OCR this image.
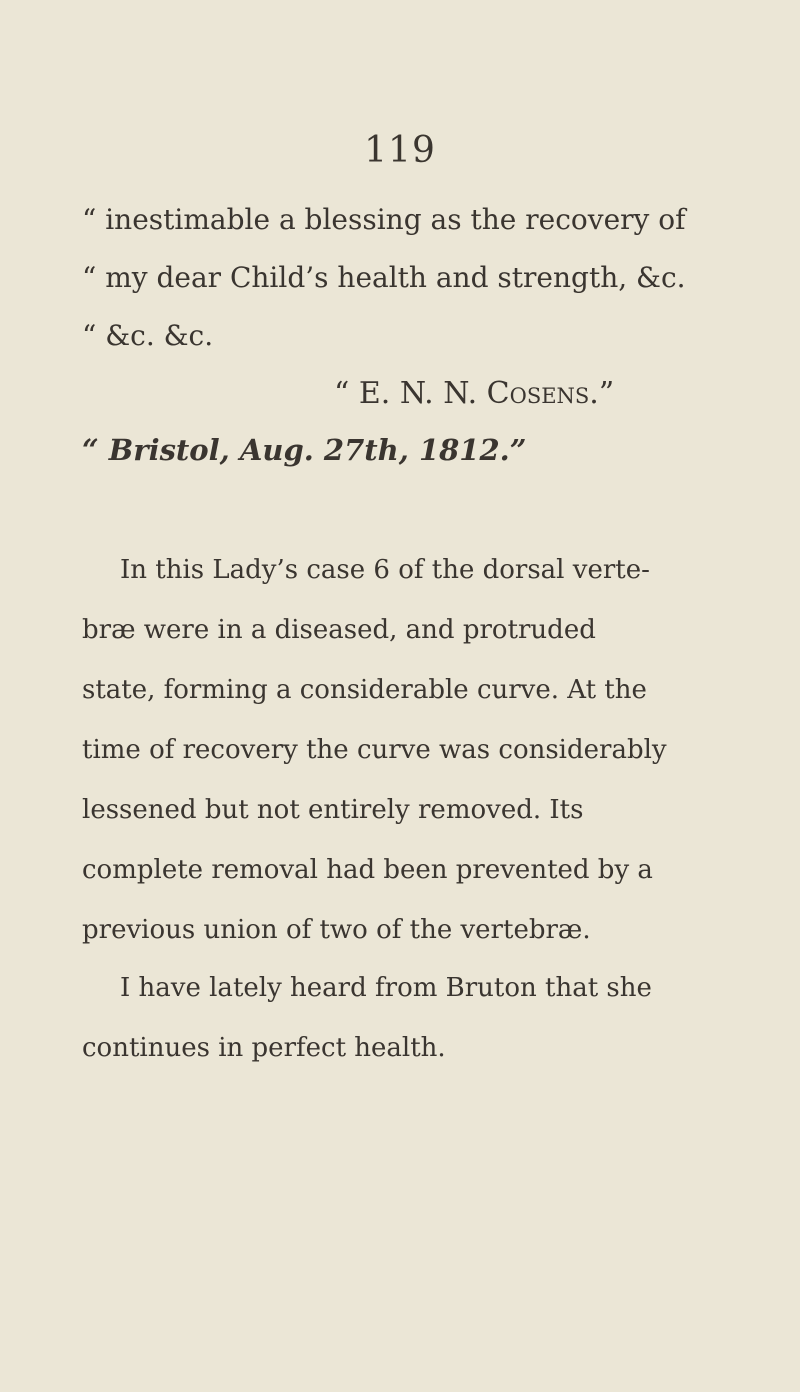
119
“ inestimable a blessing as the recovery of
“ my dear Child’s health and strength, &c.
“ &c. &c.
“ E. N. N. Cosens.”
“ Bristol, Aug. 27th, 1812.”
In this Lady’s case 6 of the dorsal verte-
bræ were in a diseased, and protruded
state, forming a considerable curve. At the
time of recovery the curve was considerably
lessened but not entirely removed. Its
complete removal had been prevented by a
previous union of two of the vertebræ.
I have lately heard from Bruton that she
continues in perfect health.
